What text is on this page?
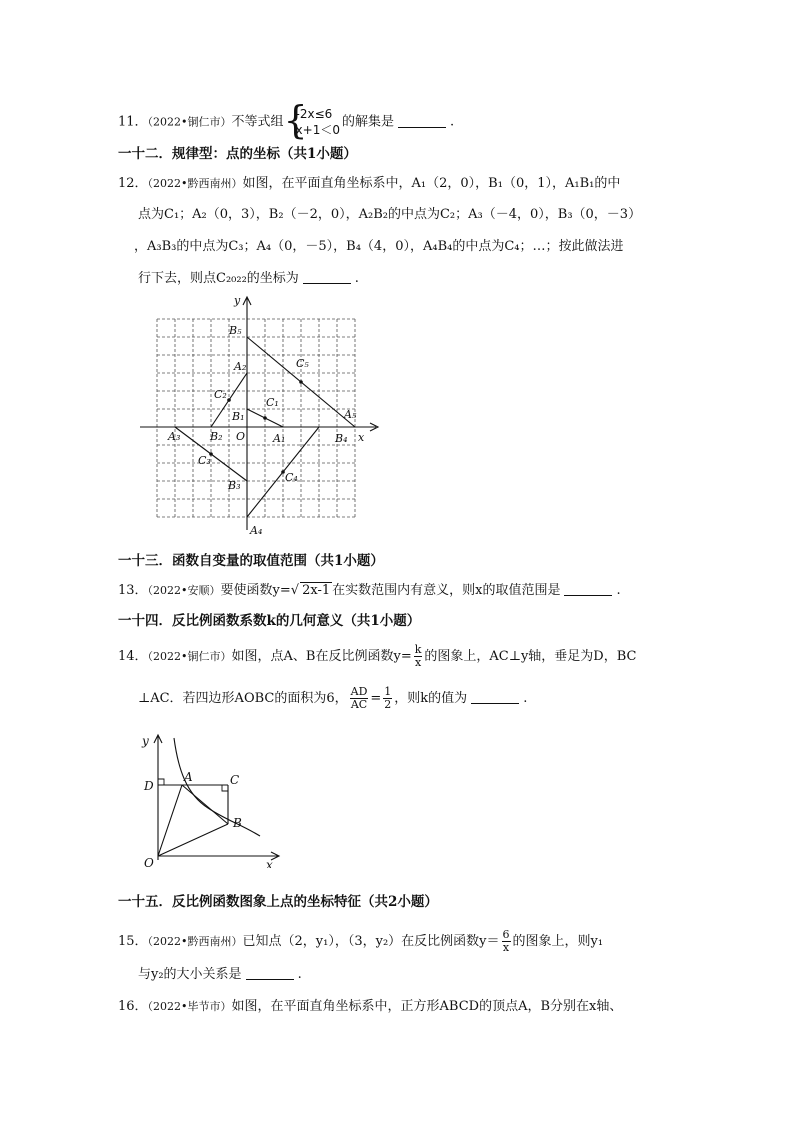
11．（2022•铜仁市）不等式组
{ -2x≤6
x+1＜0
的解集是	.
一十二．规律型：点的坐标（共1小题）
12．（2022•黔西南州）如图，在平面直角坐标系中，A₁（2，0），B₁（0，1），A₁B₁的中
点为C₁；A₂（0，3），B₂（－2，0），A₂B₂的中点为C₂；A₃（－4，0），B₃（0，－3）
，A₃B₃的中点为C₃；A₄（0，－5），B₄（4，0），A₄B₄的中点为C₄；…；按此做法进
行下去，则点C₂₀₂₂的坐标为	.
y
x
O
B₅
A₂	C₅
C₂
C₁
B₁	A₅
A₃	B₂	A₁	B₄
C₃
C₄
B₃
A₄
一十三．函数自变量的取值范围（共1小题）
13．（2022•安顺）要使函数y=√ 2x-1 在实数范围内有意义，则x的取值范围是	.
一十四．反比例函数系数k的几何意义（共1小题）
14．（2022•铜仁市）如图，点A、B在反比例函数$y= \frac{k}{x}$ 的图象上，AC⊥y轴，垂足为D，BC
⊥AC．若四边形AOBC的面积为6， $\frac{AD}{AC} = \frac{1}{2}$ ，则k的值为	.
y
x
O
A	C
D
B
一十五．反比例函数图象上点的坐标特征（共2小题）
15．（2022•黔西南州）已知点（2，y₁），（3，y₂）在反比例函数$y= \frac{6}{x}$ 的图象上，则y₁
与y₂的大小关系是	.
16．（2022•毕节市）如图，在平面直角坐标系中，正方形ABCD的顶点A，B分别在x轴、
